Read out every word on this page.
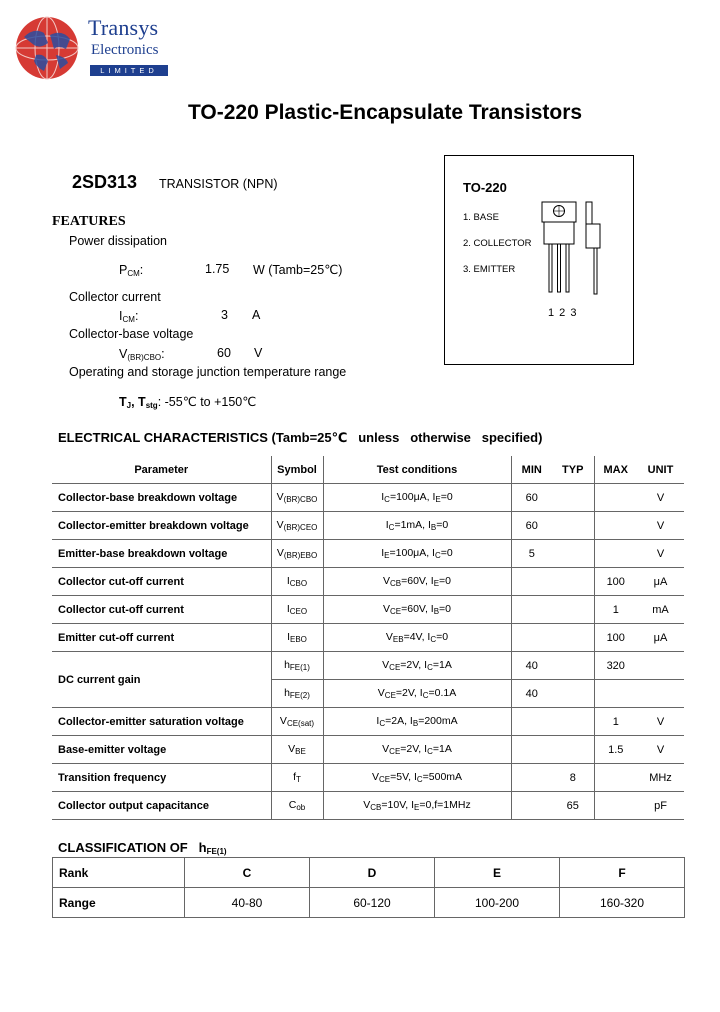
Transys
Electronics
LIMITED
TO-220 Plastic-Encapsulate Transistors
2SD313 TRANSISTOR (NPN)
FEATURES
Power dissipation
$P_{CM}$:	1.75 W (Tamb=25℃)
Collector current
$I_{CM}$:	3 A
Collector-base voltage
$V_{(BR)CBO}$:	60 V
Operating and storage junction temperature range
$T_J$, $T_{stg}$: -55℃ to +150℃
TO-220
1. BASE
2. COLLECTOR
3. EMITTER
1 2 3
ELECTRICAL CHARACTERISTICS (Tamb=25℃   unless   otherwise   specified)
Parameter	Symbol	Test conditions	MIN	TYP	MAX	UNIT
Collector-base breakdown voltage	$V_{(BR)CBO}$	$I_C=100\mu A$, $I_E=0$	60			V
Collector-emitter breakdown voltage	$V_{(BR)CEO}$	$I_C=1mA$, $I_B=0$	60			V
Emitter-base breakdown voltage	$V_{(BR)EBO}$	$I_E=100\mu A$, $I_C=0$	5			V
Collector cut-off current	$I_{CBO}$	$V_{CB}=60V$, $I_E=0$			100	μA
Collector cut-off current	$I_{CEO}$	$V_{CE}=60V$, $I_B=0$			1	mA
Emitter cut-off current	$I_{EBO}$	$V_{EB}=4V$, $I_C=0$			100	μA
DC current gain	$h_{FE(1)}$	$V_{CE}=2V$, $I_C=1A$	40		320	
	$h_{FE(2)}$	$V_{CE}=2V$, $I_C=0.1A$	40			
Collector-emitter saturation voltage	$V_{CE(sat)}$	$I_C=2A$, $I_B=200mA$			1	V
Base-emitter voltage	$V_{BE}$	$V_{CE}=2V$, $I_C=1A$			1.5	V
Transition frequency	$f_T$	$V_{CE}=5V$, $I_C=500mA$		8		MHz
Collector output capacitance	$C_{ob}$	$V_{CB}=10V$, $I_E=0,f=1MHz$		65		pF
CLASSIFICATION OF $h_{FE(1)}$
Rank	C	D	E	F
Range	40-80	60-120	100-200	160-320
